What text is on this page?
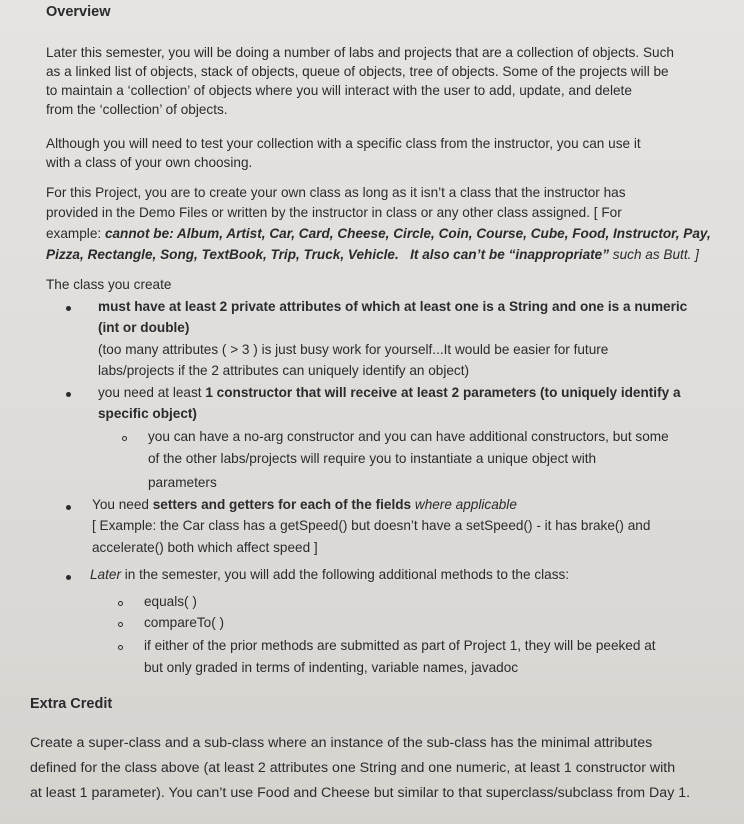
Overview
Later this semester, you will be doing a number of labs and projects that are a collection of objects. Such
as a linked list of objects, stack of objects, queue of objects, tree of objects. Some of the projects will be
to maintain a ‘collection’ of objects where you will interact with the user to add, update, and delete
from the ‘collection’ of objects.
Although you will need to test your collection with a specific class from the instructor, you can use it
with a class of your own choosing.
For this Project, you are to create your own class as long as it isn’t a class that the instructor has
provided in the Demo Files or written by the instructor in class or any other class assigned. [ For
example: cannot be: Album, Artist, Car, Card, Cheese, Circle, Coin, Course, Cube, Food, Instructor, Pay,
Pizza, Rectangle, Song, TextBook, Trip, Truck, Vehicle. It also can’t be “inappropriate” such as Butt. ]
The class you create
must have at least 2 private attributes of which at least one is a String and one is a numeric
(int or double)
(too many attributes ( > 3 ) is just busy work for yourself...It would be easier for future
labs/projects if the 2 attributes can uniquely identify an object)
you need at least 1 constructor that will receive at least 2 parameters (to uniquely identify a
specific object)
you can have a no-arg constructor and you can have additional constructors, but some
of the other labs/projects will require you to instantiate a unique object with
parameters
You need setters and getters for each of the fields where applicable
[ Example: the Car class has a getSpeed() but doesn’t have a setSpeed() - it has brake() and
accelerate() both which affect speed ]
Later in the semester, you will add the following additional methods to the class:
equals( )
compareTo( )
if either of the prior methods are submitted as part of Project 1, they will be peeked at
but only graded in terms of indenting, variable names, javadoc
Extra Credit
Create a super-class and a sub-class where an instance of the sub-class has the minimal attributes
defined for the class above (at least 2 attributes one String and one numeric, at least 1 constructor with
at least 1 parameter). You can’t use Food and Cheese but similar to that superclass/subclass from Day 1.
